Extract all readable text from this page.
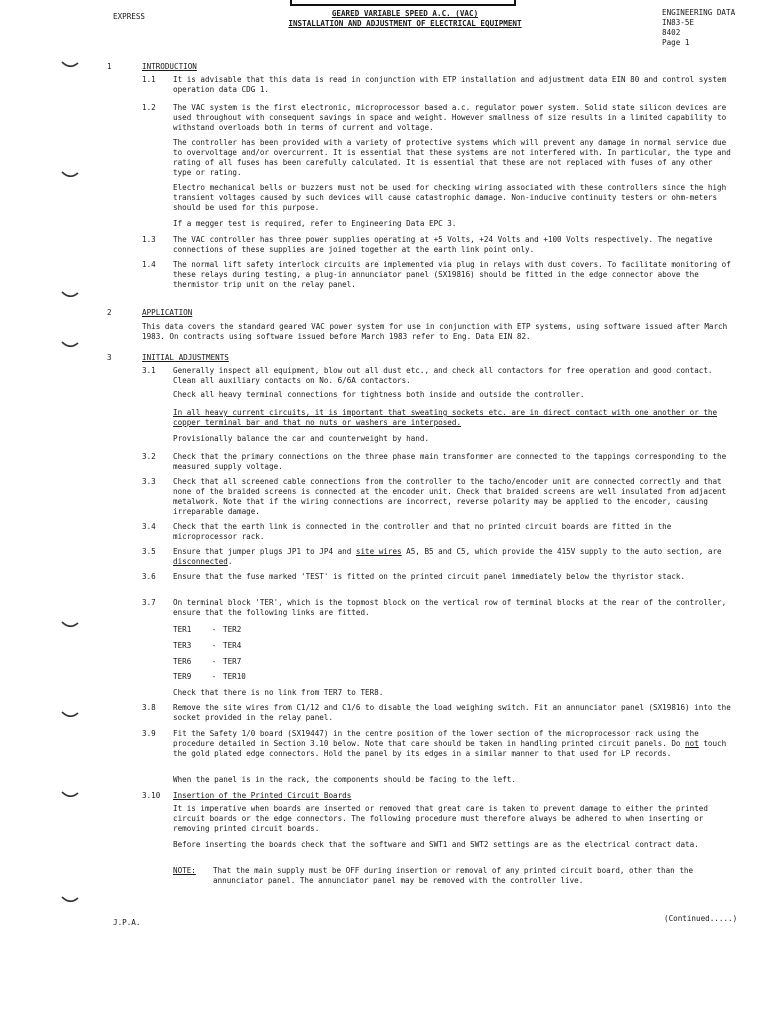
EXPRESS	GEARED VARIABLE SPEED A.C. (VAC)
INSTALLATION AND ADJUSTMENT OF ELECTRICAL EQUIPMENT
ENGINEERING DATA
IN83-5E
8402
Page 1
1	INTRODUCTION
1.1	It is advisable that this data is read in conjunction with ETP installation and adjustment data EIN 80 and control system operation data CDG 1.
1.2	The VAC system is the first electronic, microprocessor based a.c. regulator power system. Solid state silicon devices are used throughout with consequent savings in space and weight. However smallness of size results in a limited capability to withstand overloads both in terms of current and voltage.
The controller has been provided with a variety of protective systems which will prevent any damage in normal service due to overvoltage and/or overcurrent. It is essential that these systems are not interfered with. In particular, the type and rating of all fuses has been carefully calculated. It is essential that these are not replaced with fuses of any other type or rating.
Electro mechanical bells or buzzers must not be used for checking wiring associated with these controllers since the high transient voltages caused by such devices will cause catastrophic damage. Non-inducive continuity testers or ohm-meters should be used for this purpose.
If a megger test is required, refer to Engineering Data EPC 3.
1.3	The VAC controller has three power supplies operating at +5 Volts, +24 Volts and +100 Volts respectively. The negative connections of these supplies are joined together at the earth link point only.
1.4	The normal lift safety interlock circuits are implemented via plug in relays with dust covers. To facilitate monitoring of these relays during testing, a plug-in annunciator panel (SX19816) should be fitted in the edge connector above the thermistor trip unit on the relay panel.
2	APPLICATION
This data covers the standard geared VAC power system for use in conjunction with ETP systems, using software issued after March 1983. On contracts using software issued before March 1983 refer to Eng. Data EIN 82.
3	INITIAL ADJUSTMENTS
3.1	Generally inspect all equipment, blow out all dust etc., and check all contactors for free operation and good contact. Clean all auxiliary contacts on No. 6/6A contactors.
Check all heavy terminal connections for tightness both inside and outside the controller.
In all heavy current circuits, it is important that sweating sockets etc. are in direct contact with one another or the copper terminal bar and that no nuts or washers are interposed.
Provisionally balance the car and counterweight by hand.
3.2	Check that the primary connections on the three phase main transformer are connected to the tappings corresponding to the measured supply voltage.
3.3	Check that all screened cable connections from the controller to the tacho/encoder unit are connected correctly and that none of the braided screens is connected at the encoder unit. Check that braided screens are well insulated from adjacent metalwork. Note that if the wiring connections are incorrect, reverse polarity may be applied to the encoder, causing irreparable damage.
3.4	Check that the earth link is connected in the controller and that no printed circuit boards are fitted in the microprocessor rack.
3.5	Ensure that jumper plugs JP1 to JP4 and site wires A5, B5 and C5, which provide the 415V supply to the auto section, are disconnected.
3.6	Ensure that the fuse marked 'TEST' is fitted on the printed circuit panel immediately below the thyristor stack.
3.7	On terminal block 'TER', which is the topmost block on the vertical row of terminal blocks at the rear of the controller, ensure that the following links are fitted.
TER1	- TER2
TER3	- TER4
TER6	- TER7
TER9	- TER10
Check that there is no link from TER7 to TER8.
3.8	Remove the site wires from C1/12 and C1/6 to disable the load weighing switch. Fit an annunciator panel (SX19816) into the socket provided in the relay panel.
3.9	Fit the Safety 1/0 board (SX19447) in the centre position of the lower section of the microprocessor rack using the procedure detailed in Section 3.10 below. Note that care should be taken in handling printed circuit panels. Do not touch the gold plated edge connectors. Hold the panel by its edges in a similar manner to that used for LP records.
When the panel is in the rack, the components should be facing to the left.
3.10	Insertion of the Printed Circuit Boards
It is imperative when boards are inserted or removed that great care is taken to prevent damage to either the printed circuit boards or the edge connectors. The following procedure must therefore always be adhered to when inserting or removing printed circuit boards.
Before inserting the boards check that the software and SWT1 and SWT2 settings are as the electrical contract data.
NOTE: That the main supply must be OFF during insertion or removal of any printed circuit board, other than the annunciator panel. The annunciator panel may be removed with the controller live.
J.P.A.	(Continued.....)
